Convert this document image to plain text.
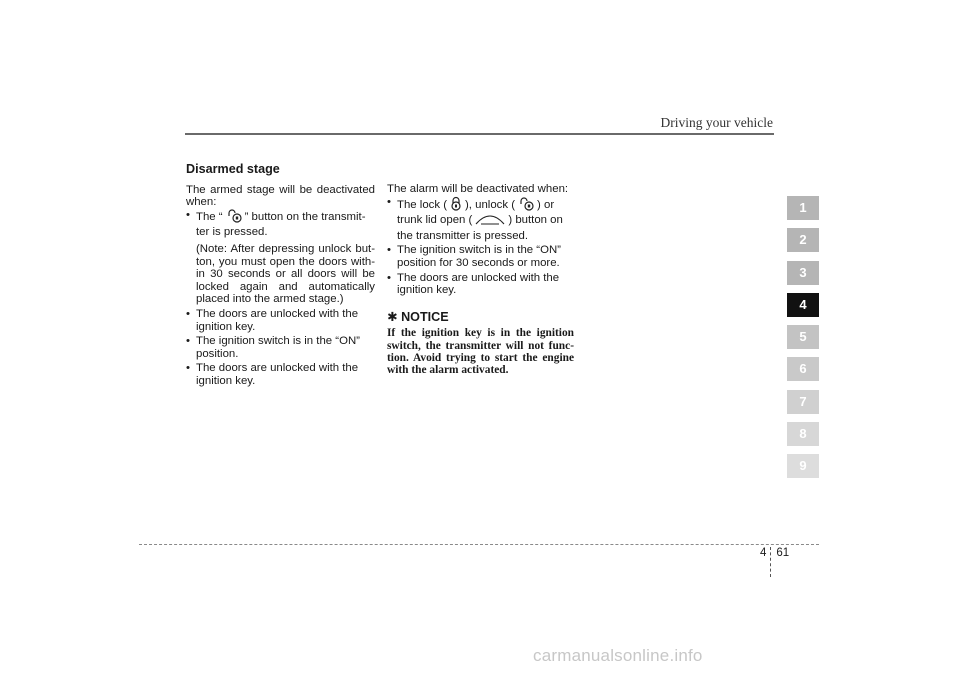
Driving your vehicle
Disarmed stage

The armed stage will be deactivated when:

• The “ ” button on the transmit-ter is pressed.

(Note: After depressing unlock but-ton, you must open the doors with-in 30 seconds or all doors will be locked again and automatically placed into the armed stage.)

• The doors are unlocked with the ignition key.
• The ignition switch is in the “ON” position.
• The doors are unlocked with the ignition key.

The alarm will be deactivated when:

• The lock ( ), unlock ( ) or trunk lid open (	) button on the transmitter is pressed.
• The ignition switch is in the “ON” position for 30 seconds or more.
• The doors are unlocked with the ignition key.
✱ NOTICE

If the ignition key is in the ignition switch, the transmitter will not func-tion. Avoid trying to start the engine with the alarm activated.

1
2
3
4
5
6
7
8
9
4 61
carmanualsonline.info
